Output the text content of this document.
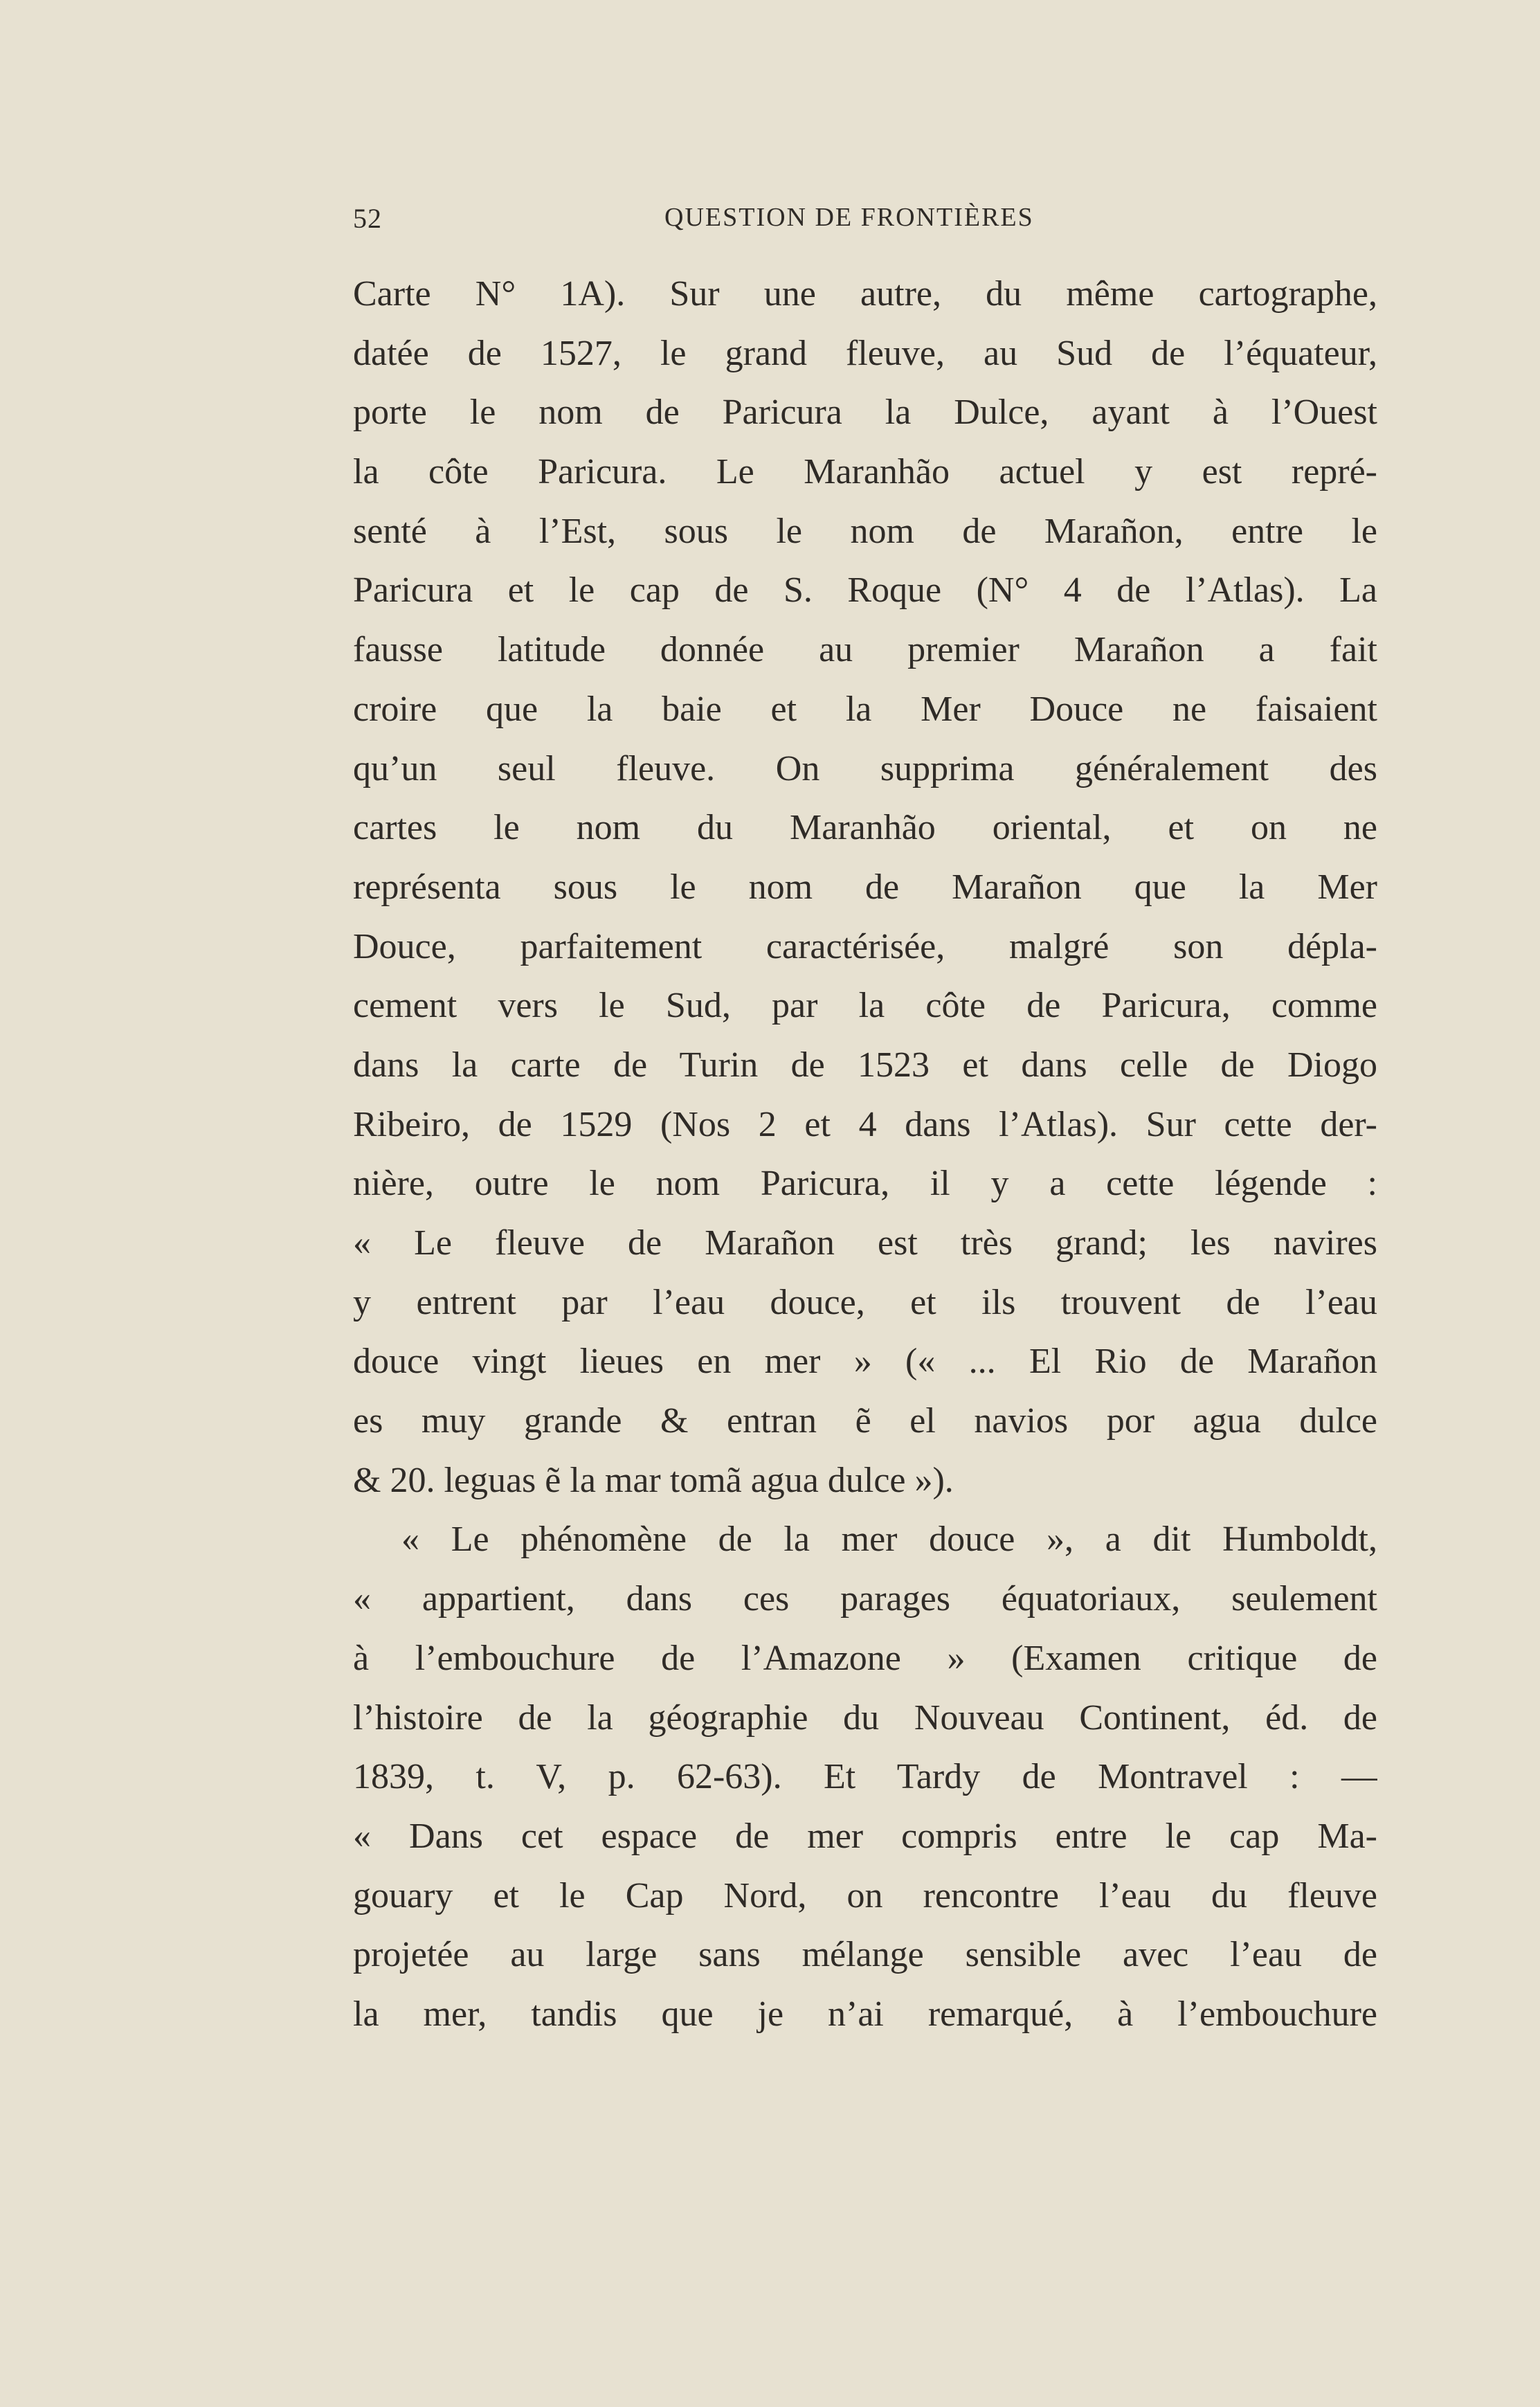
52	QUESTION DE FRONTIÈRES
Carte N° 1A). Sur une autre, du même cartographe,
datée de 1527, le grand fleuve, au Sud de l’équateur,
porte le nom de Paricura la Dulce, ayant à l’Ouest
la côte Paricura. Le Maranhão actuel y est repré-
senté à l’Est, sous le nom de Marañon, entre le
Paricura et le cap de S. Roque (N° 4 de l’Atlas). La
fausse latitude donnée au premier Marañon a fait
croire que la baie et la Mer Douce ne faisaient
qu’un seul fleuve. On supprima généralement des
cartes le nom du Maranhão oriental, et on ne
représenta sous le nom de Marañon que la Mer
Douce, parfaitement caractérisée, malgré son dépla-
cement vers le Sud, par la côte de Paricura, comme
dans la carte de Turin de 1523 et dans celle de Diogo
Ribeiro, de 1529 (Nos 2 et 4 dans l’Atlas). Sur cette der-
nière, outre le nom Paricura, il y a cette légende :
« Le fleuve de Marañon est très grand; les navires
y entrent par l’eau douce, et ils trouvent de l’eau
douce vingt lieues en mer » (« ... El Rio de Marañon
es muy grande & entran ẽ el navios por agua dulce
& 20. leguas ẽ la mar tomã agua dulce »).
« Le phénomène de la mer douce », a dit Humboldt,
« appartient, dans ces parages équatoriaux, seulement
à l’embouchure de l’Amazone » (Examen critique de
l’histoire de la géographie du Nouveau Continent, éd. de
1839, t. V, p. 62-63). Et Tardy de Montravel : —
« Dans cet espace de mer compris entre le cap Ma-
gouary et le Cap Nord, on rencontre l’eau du fleuve
projetée au large sans mélange sensible avec l’eau de
la mer, tandis que je n’ai remarqué, à l’embouchure
